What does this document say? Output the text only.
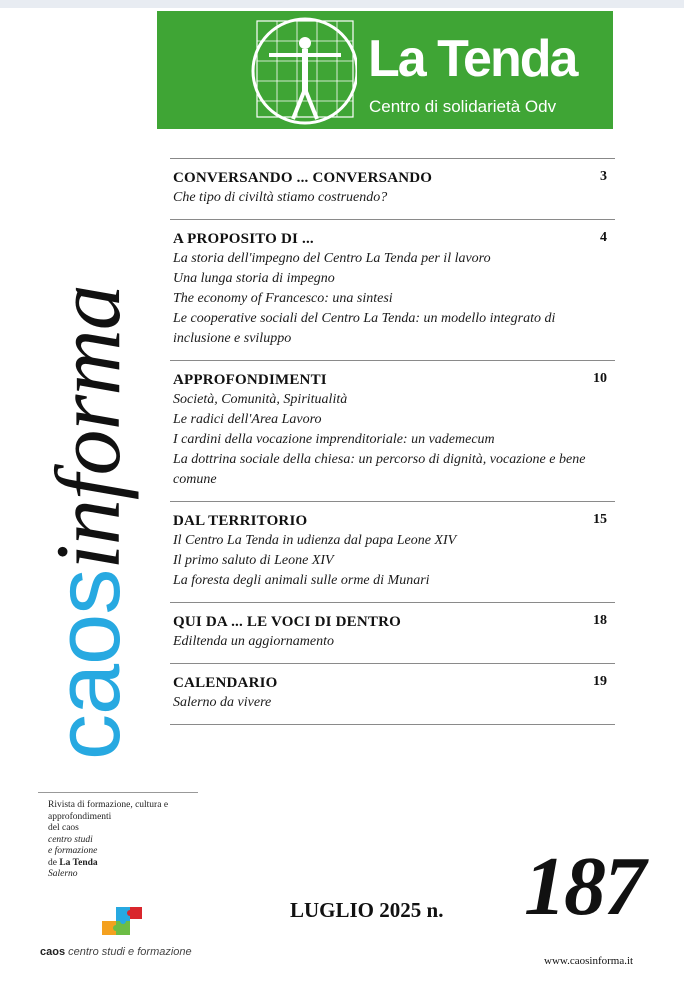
La Tenda
Centro di solidarietà Odv
caosinforma
CONVERSANDO ... CONVERSANDO	3
Che tipo di civiltà stiamo costruendo?
A PROPOSITO DI ...	4
La storia dell'impegno del Centro La Tenda per il lavoro
Una lunga storia di impegno
The economy of Francesco: una sintesi
Le cooperative sociali del Centro La Tenda: un modello integrato di inclusione e sviluppo
APPROFONDIMENTI	10
Società, Comunità, Spiritualità
Le radici dell'Area Lavoro
I cardini della vocazione imprenditoriale: un vademecum
La dottrina sociale della chiesa: un percorso di dignità, vocazione e bene comune
DAL TERRITORIO	15
Il Centro La Tenda in udienza dal papa Leone XIV
Il primo saluto di Leone XIV
La foresta degli animali sulle orme di Munari
QUI DA ... LE VOCI DI DENTRO	18
Ediltenda un aggiornamento
CALENDARIO	19
Salerno da vivere
Rivista di formazione, cultura e
approfondimenti
del caos
centro studi
e formazione
de La Tenda
Salerno
caos centro studi e formazione
LUGLIO 2025 n. 187
www.caosinforma.it
